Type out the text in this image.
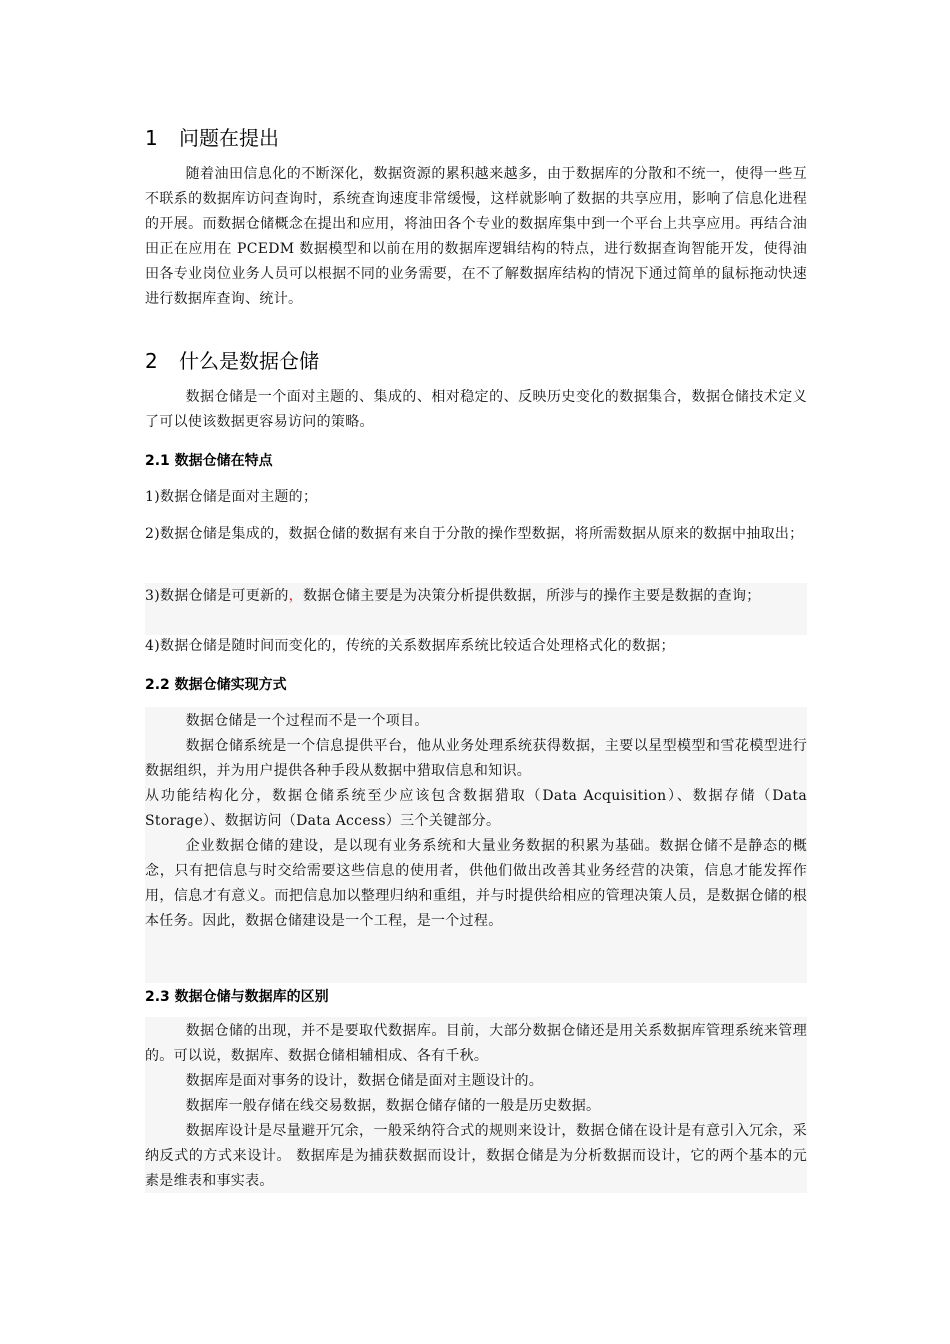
1 问题在提出

随着油田信息化的不断深化，数据资源的累积越来越多，由于数据库的分散和不统一，使得一些互不联系的数据库访问查询时，系统查询速度非常缓慢，这样就影响了数据的共享应用，影响了信息化进程的开展。而数据仓储概念在提出和应用，将油田各个专业的数据库集中到一个平台上共享应用。再结合油田正在应用在 PCEDM 数据模型和以前在用的数据库逻辑结构的特点，进行数据查询智能开发，使得油田各专业岗位业务人员可以根据不同的业务需要，在不了解数据库结构的情况下通过简单的鼠标拖动快速进行数据库查询、统计。

2 什么是数据仓储

数据仓储是一个面对主题的、集成的、相对稳定的、反映历史变化的数据集合，数据仓储技术定义了可以使该数据更容易访问的策略。

2.1 数据仓储在特点

1)数据仓储是面对主题的；

2)数据仓储是集成的，数据仓储的数据有来自于分散的操作型数据，将所需数据从原来的数据中抽取出；

3)数据仓储是可更新的，数据仓储主要是为决策分析提供数据，所涉与的操作主要是数据的查询；

4)数据仓储是随时间而变化的，传统的关系数据库系统比较适合处理格式化的数据；

2.2 数据仓储实现方式

数据仓储是一个过程而不是一个项目。

数据仓储系统是一个信息提供平台，他从业务处理系统获得数据，主要以星型模型和雪花模型进行数据组织，并为用户提供各种手段从数据中猎取信息和知识。

从功能结构化分，数据仓储系统至少应该包含数据猎取（Data Acquisition）、数据存储（Data Storage）、数据访问（Data Access）三个关键部分。

企业数据仓储的建设，是以现有业务系统和大量业务数据的积累为基础。数据仓储不是静态的概念，只有把信息与时交给需要这些信息的使用者，供他们做出改善其业务经营的决策，信息才能发挥作用，信息才有意义。而把信息加以整理归纳和重组，并与时提供给相应的管理决策人员，是数据仓储的根本任务。因此，数据仓储建设是一个工程，是一个过程。

2.3 数据仓储与数据库的区别

数据仓储的出现，并不是要取代数据库。目前，大部分数据仓储还是用关系数据库管理系统来管理的。可以说，数据库、数据仓储相辅相成、各有千秋。

数据库是面对事务的设计，数据仓储是面对主题设计的。

数据库一般存储在线交易数据，数据仓储存储的一般是历史数据。

数据库设计是尽量避开冗余，一般采纳符合式的规则来设计，数据仓储在设计是有意引入冗余，采纳反式的方式来设计。 数据库是为捕获数据而设计，数据仓储是为分析数据而设计，它的两个基本的元素是维表和事实表。
